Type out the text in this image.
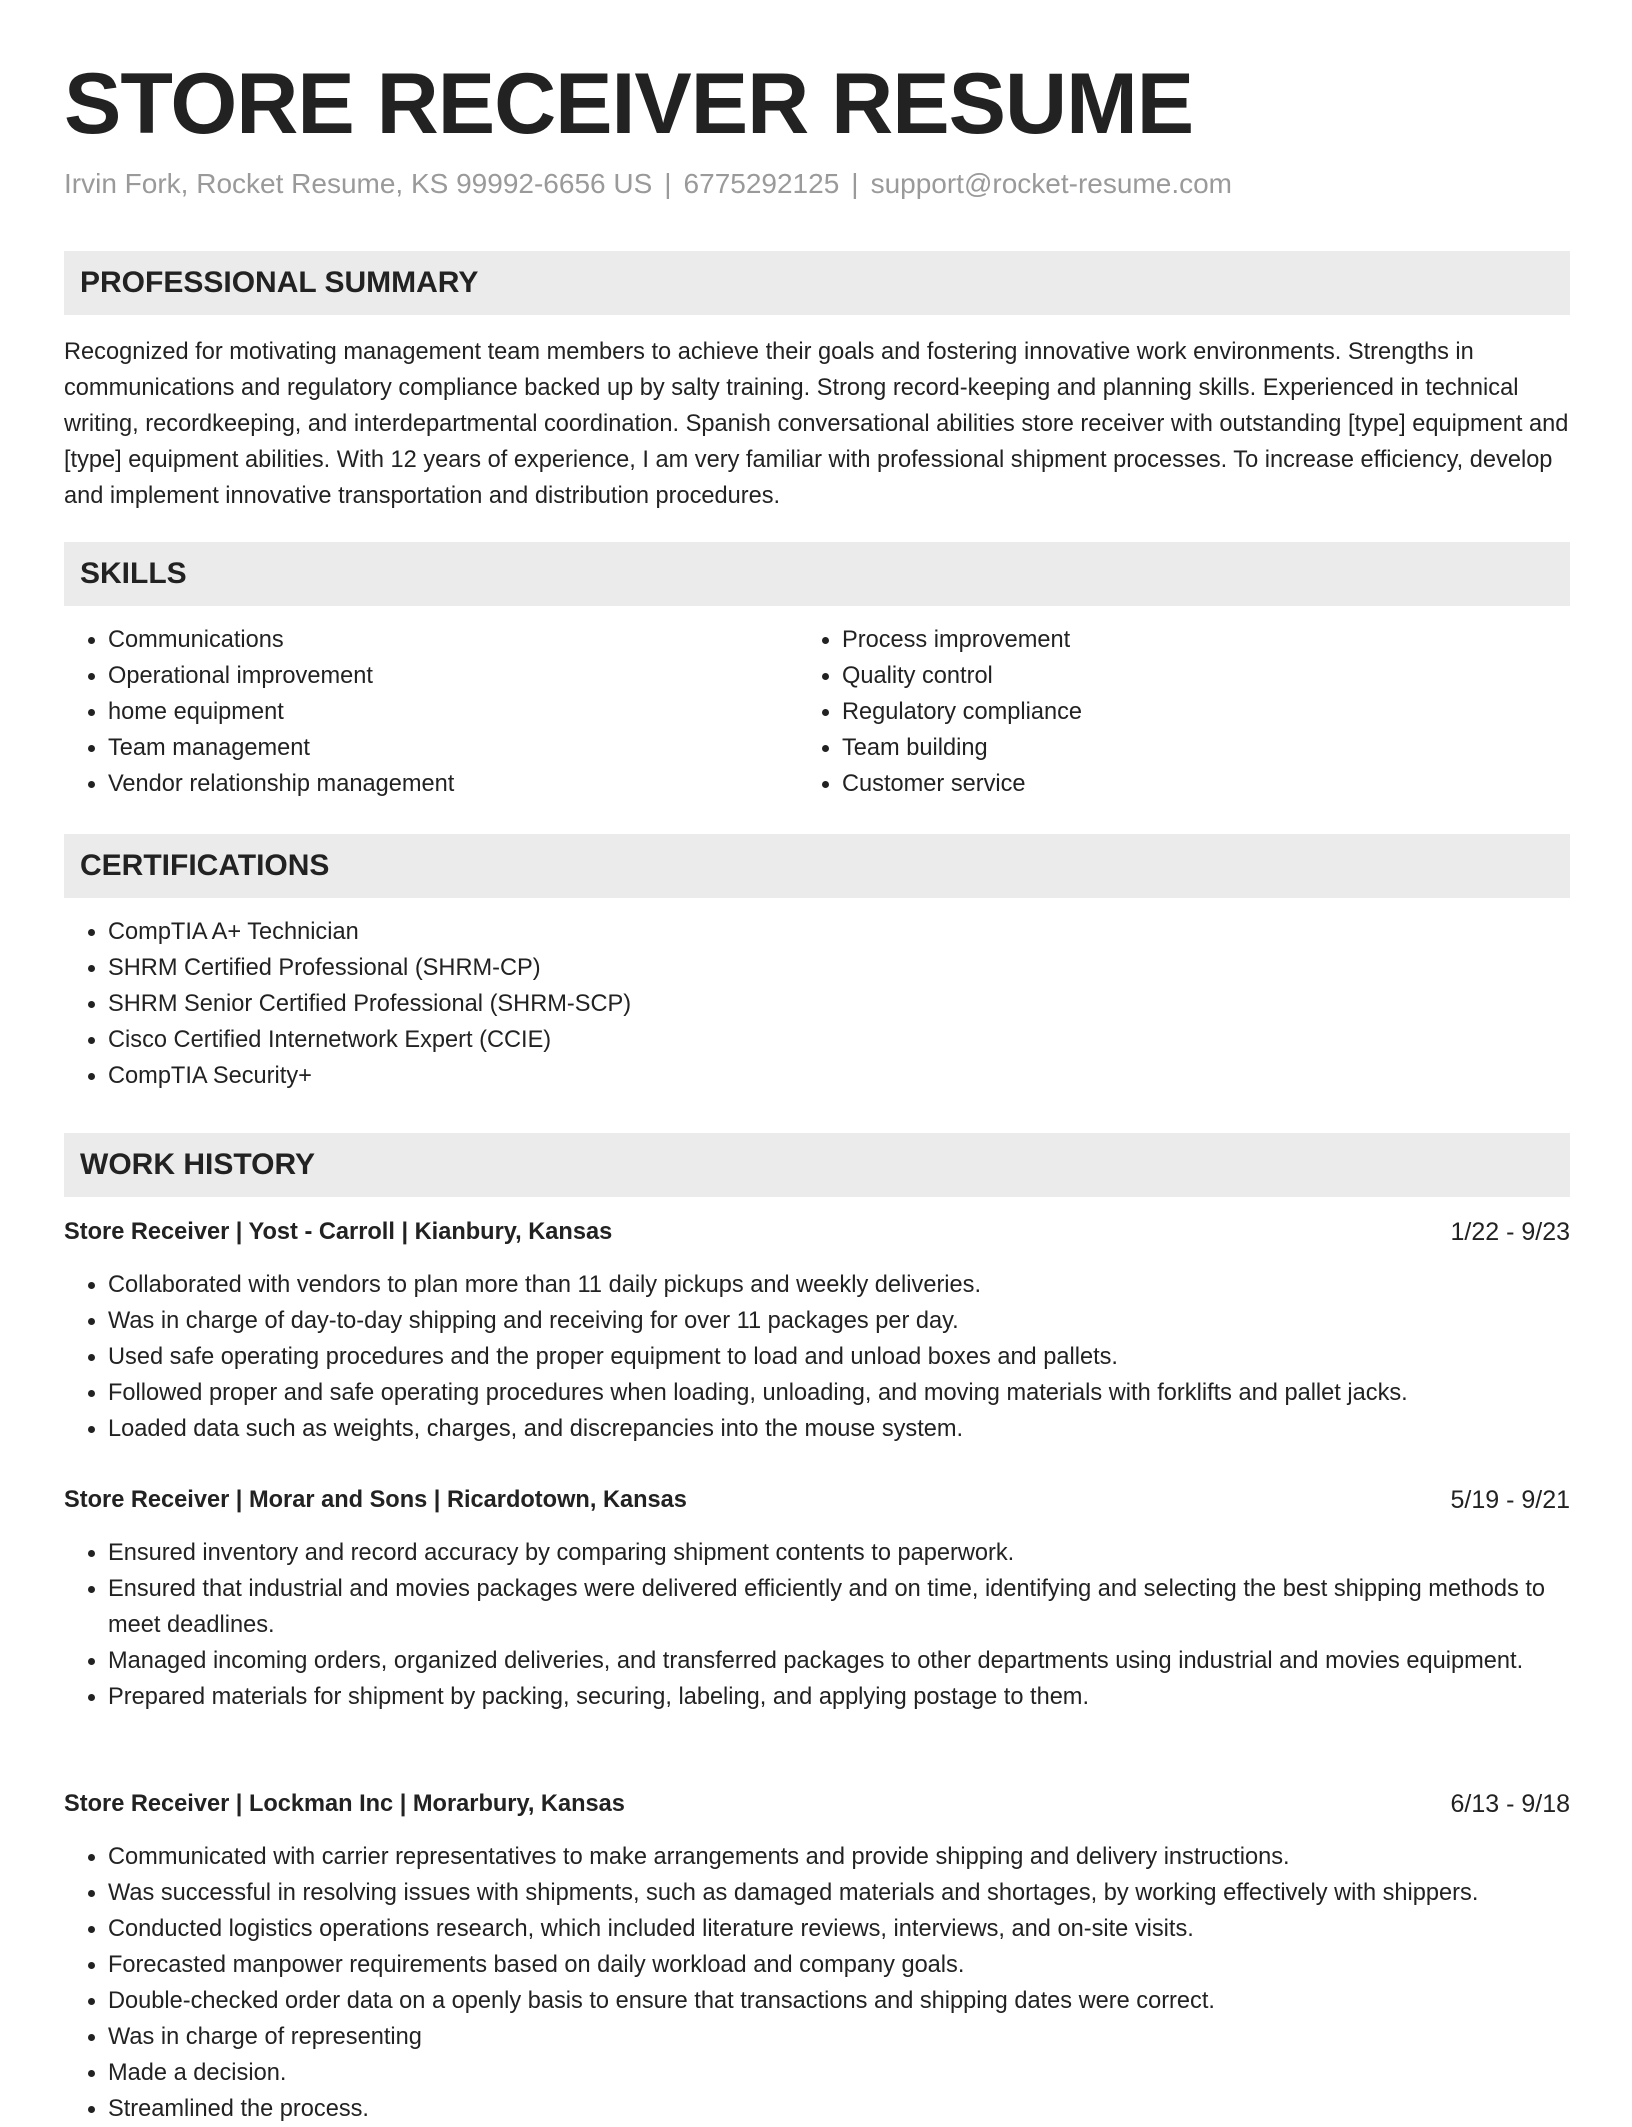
STORE RECEIVER RESUME
Irvin Fork, Rocket Resume, KS 99992-6656 US | 6775292125 | support@rocket-resume.com
PROFESSIONAL SUMMARY

Recognized for motivating management team members to achieve their goals and fostering innovative work environments. Strengths in communications and regulatory compliance backed up by salty training. Strong record-keeping and planning skills. Experienced in technical writing, recordkeeping, and interdepartmental coordination. Spanish conversational abilities store receiver with outstanding [type] equipment and [type] equipment abilities. With 12 years of experience, I am very familiar with professional shipment processes. To increase efficiency, develop and implement innovative transportation and distribution procedures.

SKILLS
• Communications
• Operational improvement
• home equipment
• Team management
• Vendor relationship management
• Process improvement
• Quality control
• Regulatory compliance
• Team building
• Customer service
CERTIFICATIONS
• CompTIA A+ Technician
• SHRM Certified Professional (SHRM-CP)
• SHRM Senior Certified Professional (SHRM-SCP)
• Cisco Certified Internetwork Expert (CCIE)
• CompTIA Security+
WORK HISTORY
Store Receiver | Yost - Carroll | Kianbury, Kansas	1/22 - 9/23
• Collaborated with vendors to plan more than 11 daily pickups and weekly deliveries.
• Was in charge of day-to-day shipping and receiving for over 11 packages per day.
• Used safe operating procedures and the proper equipment to load and unload boxes and pallets.
• Followed proper and safe operating procedures when loading, unloading, and moving materials with forklifts and pallet jacks.
• Loaded data such as weights, charges, and discrepancies into the mouse system.
Store Receiver | Morar and Sons | Ricardotown, Kansas	5/19 - 9/21
• Ensured inventory and record accuracy by comparing shipment contents to paperwork.
• Ensured that industrial and movies packages were delivered efficiently and on time, identifying and selecting the best shipping methods to meet deadlines.
• Managed incoming orders, organized deliveries, and transferred packages to other departments using industrial and movies equipment.
• Prepared materials for shipment by packing, securing, labeling, and applying postage to them.
Store Receiver | Lockman Inc | Morarbury, Kansas	6/13 - 9/18
• Communicated with carrier representatives to make arrangements and provide shipping and delivery instructions.
• Was successful in resolving issues with shipments, such as damaged materials and shortages, by working effectively with shippers.
• Conducted logistics operations research, which included literature reviews, interviews, and on-site visits.
• Forecasted manpower requirements based on daily workload and company goals.
• Double-checked order data on a openly basis to ensure that transactions and shipping dates were correct.
• Was in charge of representing
• Made a decision.
• Streamlined the process.
